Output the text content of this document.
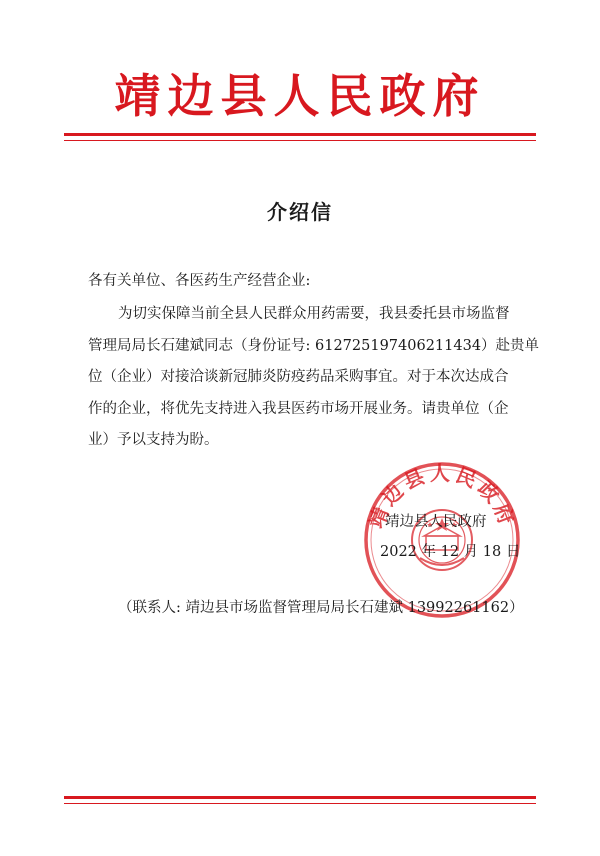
靖边县人民政府
介绍信
各有关单位、各医药生产经营企业:
为切实保障当前全县人民群众用药需要，我县委托县市场监督
管理局局长石建斌同志（身份证号: 612725197406211434）赴贵单
位（企业）对接洽谈新冠肺炎防疫药品采购事宜。对于本次达成合
作的企业，将优先支持进入我县医药市场开展业务。请贵单位（企
业）予以支持为盼。
靖边县人民政府
靖边县人民政府
2022 年 12 月 18 日
（联系人: 靖边县市场监督管理局局长石建斌 13992261162）
